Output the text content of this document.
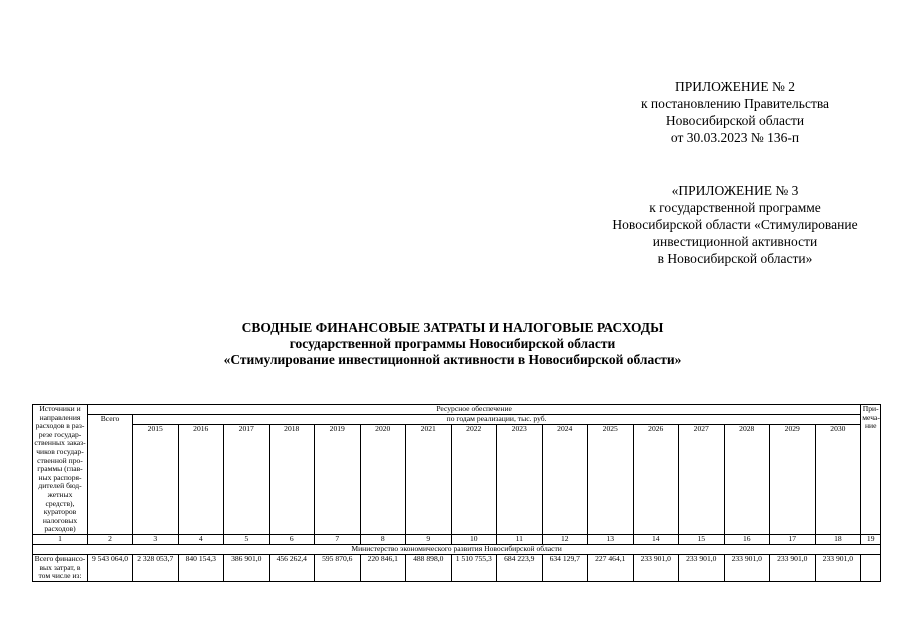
ПРИЛОЖЕНИЕ № 2
к постановлению Правительства
Новосибирской области
от 30.03.2023 № 136-п
«ПРИЛОЖЕНИЕ № 3
к государственной программе
Новосибирской области «Стимулирование
инвестиционной активности
в Новосибирской области»
СВОДНЫЕ ФИНАНСОВЫЕ ЗАТРАТЫ И НАЛОГОВЫЕ РАСХОДЫ
государственной программы Новосибирской области
«Стимулирование инвестиционной активности в Новосибирской области»
Источники и направления расходов в раз-резе государ-ственных заказ-чиков государ-ственной про-граммы (глав-ных распоря-дителей бюд-жетных средств), кураторов налоговых расходов)	Ресурсное обеспечение																	При-меча-ние
	Всего	по годам реализации, тыс. руб.																
		2015	2016	2017	2018	2019	2020	2021	2022	2023	2024	2025	2026	2027	2028	2029	2030	
1	2	3	4	5	6	7	8	9	10	11	12	13	14	15	16	17	18	19
Министерство экономического развития Новосибирской области																		
Всего финансо-вых затрат, в том числе из:	9 543 064,0	2 328 053,7	840 154,3	386 901,0	456 262,4	595 870,6	220 846,1	488 898,0	1 510 755,3	684 223,9	634 129,7	227 464,1	233 901,0	233 901,0	233 901,0	233 901,0	233 901,0	
